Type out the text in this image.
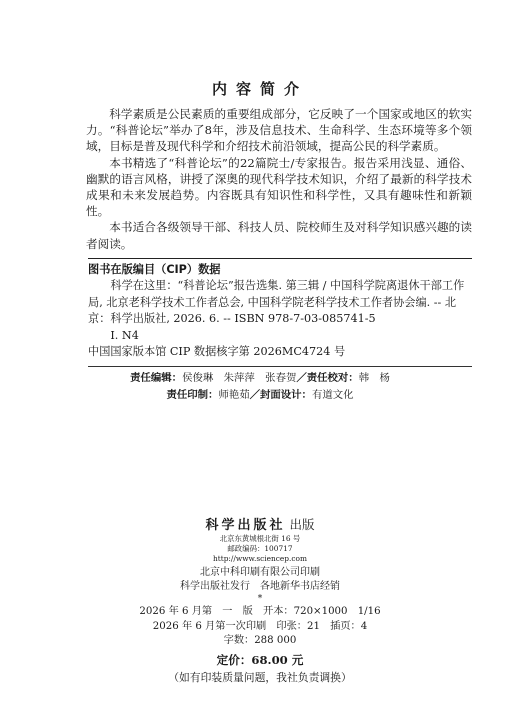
内容简介

科学素质是公民素质的重要组成部分，它反映了一个国家或地区的软实力。“科普论坛”举办了8年，涉及信息技术、生命科学、生态环境等多个领域，目标是普及现代科学和介绍技术前沿领域，提高公民的科学素质。

本书精选了“科普论坛”的22篇院士/专家报告。报告采用浅显、通俗、幽默的语言风格，讲授了深奥的现代科学技术知识，介绍了最新的科学技术成果和未来发展趋势。内容既具有知识性和科学性，又具有趣味性和新颖性。

本书适合各级领导干部、科技人员、院校师生及对科学知识感兴趣的读者阅读。

图书在版编目（CIP）数据

科学在这里：“科普论坛”报告选集. 第三辑 / 中国科学院离退休干部工作局, 北京老科学技术工作者总会, 中国科学院老科学技术工作者协会编. -- 北京：科学出版社, 2026. 6. -- ISBN 978-7-03-085741-5

Ⅰ. N4

中国国家版本馆 CIP 数据核字第 2026MC4724 号
责任编辑：侯俊琳　朱萍萍　张春贺／责任校对：韩　杨
责任印制：师艳茹／封面设计：有道文化
科学出版社 出版
北京东黄城根北街 16 号
邮政编码：100717
http://www.sciencep.com
北京中科印刷有限公司印刷
科学出版社发行　各地新华书店经销
*
2026 年 6 月第　一　版　开本：720×1000　1/16
2026 年 6 月第一次印刷　印张：21　插页：4
字数：288 000
定价：68.00 元
（如有印装质量问题，我社负责调换）
